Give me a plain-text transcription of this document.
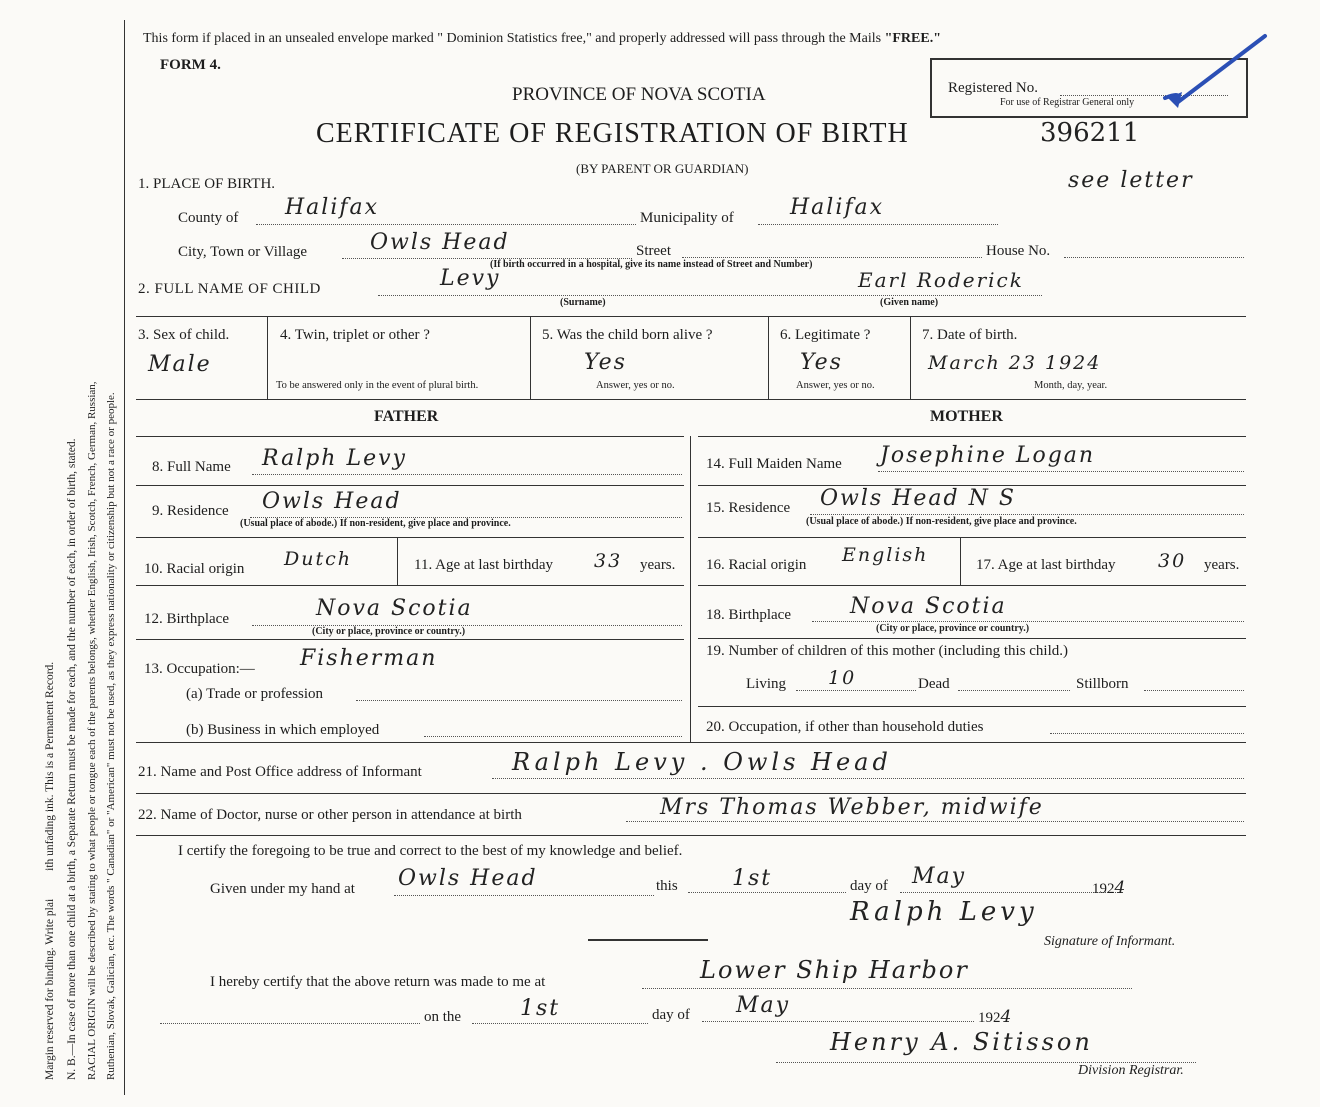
Margin reserved for binding. Write plaiith unfading ink. This is a Permanent Record. N. B.—In case of more than one child at a birth, a Separate Return must be made for each, and the number of each, in order of birth, stated. RACIAL ORIGIN will be described by stating to what people or tongue each of the parents belongs, whether English, Irish, Scotch, French, German, Russian, Ruthenian, Slovak, Galician, etc. The words " Canadian" or "American" must not be used, as they express nationality or citizenship but not a race or people.
This form if placed in an unsealed envelope marked " Dominion Statistics free," and properly addressed will pass through the Mails "FREE."
FORM 4.
PROVINCE OF NOVA SCOTIA
CERTIFICATE OF REGISTRATION OF BIRTH
(BY PARENT OR GUARDIAN)
Registered No.
For use of Registrar General only
396211
see letter
1. PLACE OF BIRTH.
County of Halifax	Municipality of	Halifax
City, Town or Village	Owls Head	Street	House No.
(If birth occurred in a hospital, give its name instead of Street and Number)
2. FULL NAME OF CHILD	Levy
(Surname)
Earl Roderick
(Given name)
3. Sex of child.
Male
4. Twin, triplet or other ?
To be answered only in the event of plural birth.
5. Was the child born alive ?
Yes
Answer, yes or no.
6. Legitimate ?
Yes
Answer, yes or no.
7. Date of birth.
March 23 1924
Month, day, year.
FATHER	MOTHER
8. Full Name Ralph Levy
9. Residence Owls Head
(Usual place of abode.) If non-resident, give place and province.
10. Racial origin Dutch	11. Age at last birthday 33 years.
12. Birthplace	Nova Scotia
(City or place, province or country.)
13. Occupation:— Fisherman
(a) Trade or profession
(b) Business in which employed
14. Full Maiden Name Josephine Logan
15. Residence Owls Head N S
(Usual place of abode.) If non-resident, give place and province.
16. Racial origin English	17. Age at last birthday 30 years.
18. Birthplace	Nova Scotia
(City or place, province or country.)
19. Number of children of this mother (including this child.)
Living 10	Dead	Stillborn
20. Occupation, if other than household duties
21. Name and Post Office address of Informant	Ralph Levy . Owls Head
22. Name of Doctor, nurse or other person in attendance at birth	Mrs Thomas Webber, midwife
I certify the foregoing to be true and correct to the best of my knowledge and belief.
Given under my hand at Owls Head	this 1st	day of May	1924
Ralph Levy
Signature of Informant.
I hereby certify that the above return was made to me at	Lower Ship Harbor
on the	1st	day of May	1924
Henry A. Sitisson
Division Registrar.
